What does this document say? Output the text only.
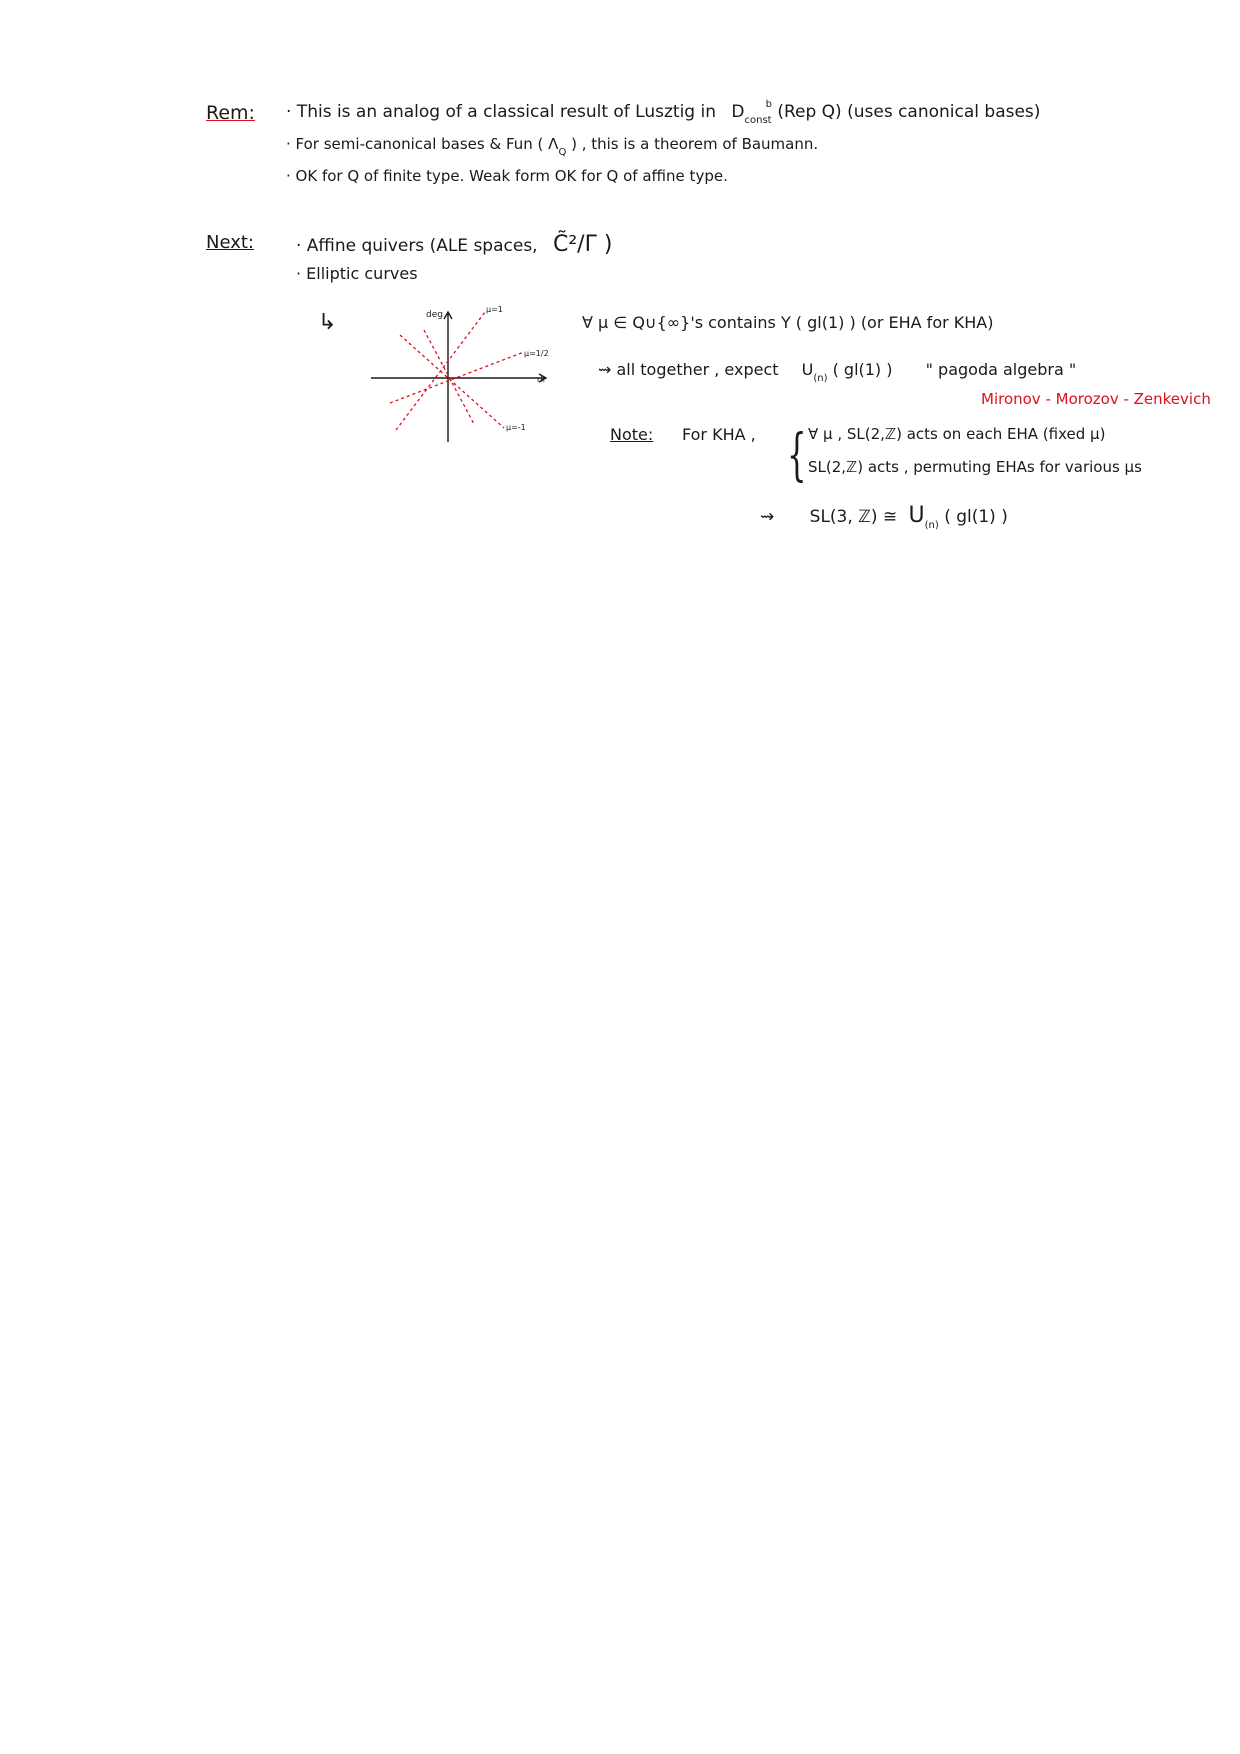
Rem: · This is an analog of a classical result of Lusztig in $D_{const}^b$ (Rep Q) (uses canonical bases)
· For semi-canonical bases & Fun ( $\Lambda_Q$ ) , this is a theorem of Baumann.
· OK for Q of finite type. Weak form OK for Q of affine type.
Next: · Affine quivers (ALE spaces, C̃²/Γ )
· Elliptic curves
↳	deg
rk
μ=1
μ=1/2
μ=-1
∀ μ ∈ Q∪{∞}'s contains Y ( gl(1) ) (or EHA for KHA)
⇝ all together , expect $U_{(n)}$ ( gl(1) ) " pagoda algebra "
Mironov - Morozov - Zenkevich
Note: For KHA , { ∀ μ , SL(2,ℤ) acts on each EHA (fixed μ)
SL(2,ℤ) acts , permuting EHAs for various μs
⇝ SL(3, ℤ) ≅ $U_{(n)}$ ( gl(1) )
